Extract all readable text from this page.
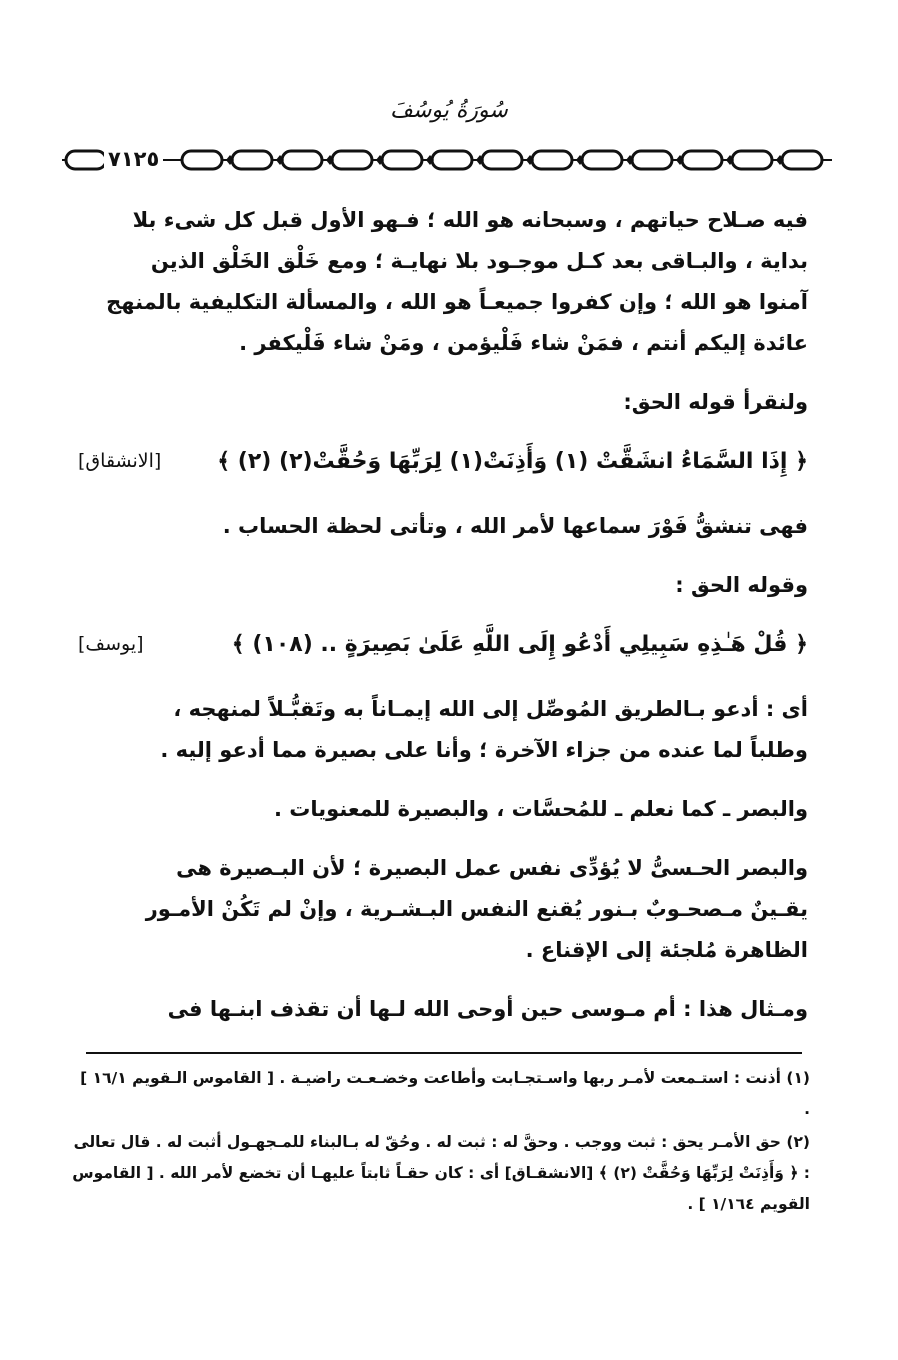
سُورَةُ يُوسُفَ
٧١٢٥
فيه صـلاح حياتهم ، وسبحانه هو الله ؛ فـهو الأول قبل كل شىء بلا
بداية ، والبـاقى بعد كـل موجـود بلا نهايـة ؛ ومع خَلْق الخَلْق الذين
آمنوا هو الله ؛ وإن كفروا جميعـاً هو الله ، والمسألة التكليفية بالمنهج
عائدة إليكم أنتم ، فمَنْ شاء فَلْيؤمن ، ومَنْ شاء فَلْيكفر .

ولنقرأ قوله الحق:

﴿ إِذَا السَّمَاءُ انشَقَّتْ (١) وَأَذِنَتْ(١) لِرَبِّهَا وَحُقَّتْ(٢) (٢) ﴾
[الانشقاق]

فهى تنشقُّ فَوْرَ سماعها لأمر الله ، وتأتى لحظة الحساب .

وقوله الحق :

﴿ قُلْ هَـٰذِهِ سَبِيلِي أَدْعُو إِلَى اللَّهِ عَلَىٰ بَصِيرَةٍ .. (١٠٨) ﴾
[يوسف]
أى : أدعو بـالطريق المُوصِّل إلى الله إيمـاناً به وتَقبُّـلاً لمنهجه ،
وطلباً لما عنده من جزاء الآخرة ؛ وأنا على بصيرة مما أدعو إليه .

والبصر ـ كما نعلم ـ للمُحسَّات ، والبصيرة للمعنويات .

والبصر الحـسىُّ لا يُؤدِّى نفس عمل البصيرة ؛ لأن البـصيرة هى
يقـينٌ مـصحـوبٌ بـنور يُقنع النفس البـشـرية ، وإنْ لم تَكُنْ الأمـور
الظاهرة مُلجئة إلى الإقناع .

ومـثال هذا : أم مـوسى حين أوحى الله لـها أن تقذف ابنـها فى

(١) أذنت : استـمعت لأمـر ربها واسـتجـابت وأطاعت وخضـعـت راضيـة . [ القاموس الـقويم ١٦/١ ] .

(٢) حق الأمـر يحق : ثبت ووجب . وحقَّ له : ثبت له . وحُقّ له بـالبناء للمـجهـول أثبت له . قال تعالى : ﴿ وَأَذِنَتْ لِرَبِّهَا وَحُقَّتْ (٢) ﴾ [الانشقـاق] أى : كان حقـاً ثابتاً عليهـا أن تخضع لأمر الله . [ القاموس القويم ١/١٦٤ ] .
